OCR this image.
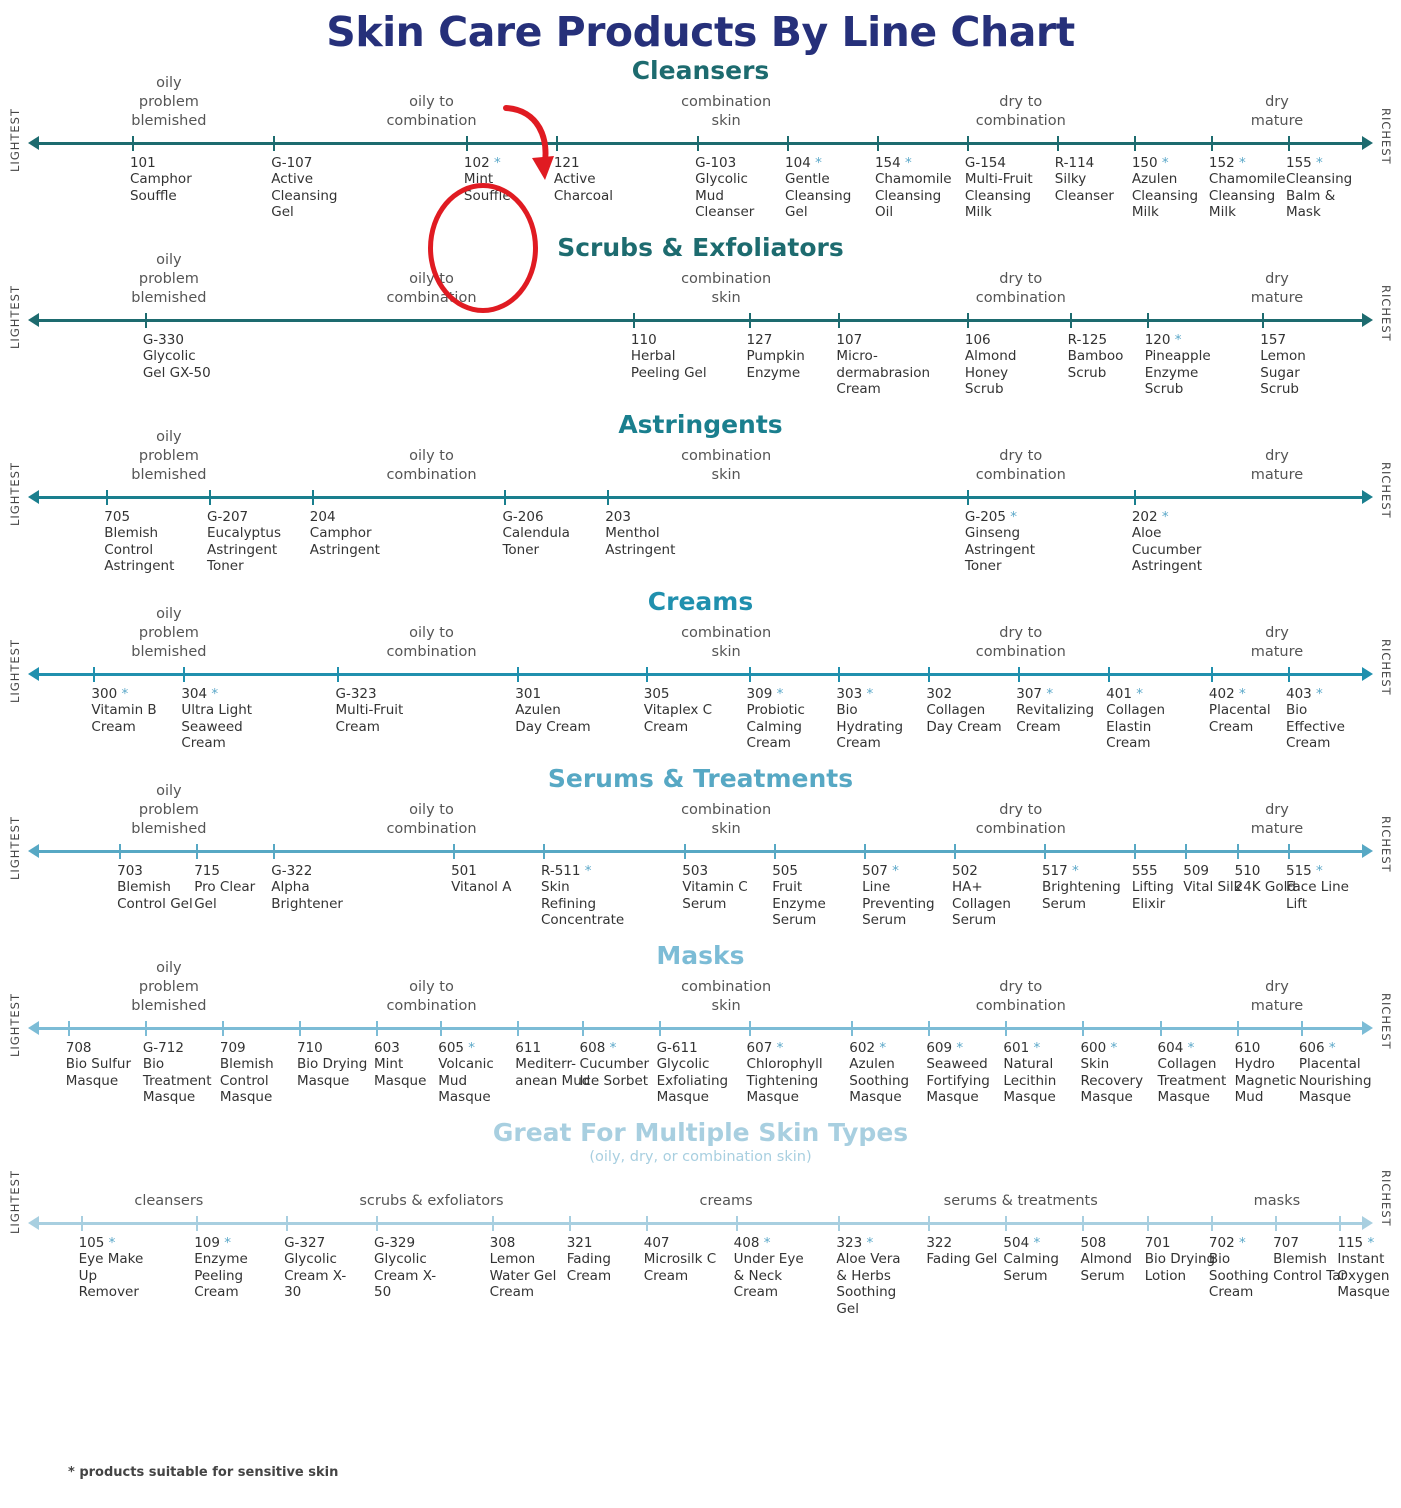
Skin Care Products By Line Chart
Cleansers
oily
problem
blemished
oily to
combination
combination
skin
dry to
combination
dry
mature
101
Camphor Souffle
G-107
Active Cleansing Gel
102 *
Mint Souffle
121
Active Charcoal
G-103
Glycolic Mud Cleanser
104 *
Gentle Cleansing Gel
154 *
Chamomile Cleansing Oil
G-154
Multi-Fruit Cleansing Milk
R-114
Silky Cleanser
150 *
Azulen Cleansing Milk
152 *
Chamomile Cleansing Milk
155 *
Cleansing Balm & Mask
LIGHTEST	RICHEST
Scrubs & Exfoliators
oily
problem
blemished
oily to
combination
combination
skin
dry to
combination
dry
mature
G-330
Glycolic Gel GX-50
110
Herbal Peeling Gel
127
Pumpkin Enzyme
107
Micro-dermabrasion Cream
106
Almond Honey Scrub
R-125
Bamboo Scrub
120 *
Pineapple Enzyme Scrub
157
Lemon Sugar Scrub
LIGHTEST	RICHEST
Astringents
oily
problem
blemished
oily to
combination
combination
skin
dry to
combination
dry
mature
705
Blemish Control Astringent
G-207
Eucalyptus Astringent Toner
204
Camphor Astringent
G-206
Calendula Toner
203
Menthol Astringent
G-205 *
Ginseng Astringent Toner
202 *
Aloe Cucumber Astringent
LIGHTEST	RICHEST
Creams
oily
problem
blemished
oily to
combination
combination
skin
dry to
combination
dry
mature
300 *
Vitamin B Cream
304 *
Ultra Light Seaweed Cream
G-323
Multi-Fruit Cream
301
Azulen Day Cream
305
Vitaplex C Cream
309 *
Probiotic Calming Cream
303 *
Bio Hydrating Cream
302
Collagen Day Cream
307 *
Revitalizing Cream
401 *
Collagen Elastin Cream
402 *
Placental Cream
403 *
Bio Effective Cream
LIGHTEST	RICHEST
Serums & Treatments
oily
problem
blemished
oily to
combination
combination
skin
dry to
combination
dry
mature
703
Blemish Control Gel
715
Pro Clear Gel
G-322
Alpha Brightener
501
Vitanol A
R-511 *
Skin Refining Concentrate
503
Vitamin C Serum
505
Fruit Enzyme Serum
507 *
Line Preventing Serum
502
HA+ Collagen Serum
517 *
Brightening Serum
555
Lifting Elixir
509
Vital Silk
510
24K Gold
515 *
Face Line Lift
LIGHTEST	RICHEST
Masks
oily
problem
blemished
oily to
combination
combination
skin
dry to
combination
dry
mature
708
Bio Sulfur Masque
G-712
Bio Treatment Masque
709
Blemish Control Masque
710
Bio Drying Masque
603
Mint Masque
605 *
Volcanic Mud Masque
611
Mediterr-anean Mud
608 *
Cucumber Ice Sorbet
G-611
Glycolic Exfoliating Masque
607 *
Chlorophyll Tightening Masque
602 *
Azulen Soothing Masque
609 *
Seaweed Fortifying Masque
601 *
Natural Lecithin Masque
600 *
Skin Recovery Masque
604 *
Collagen Treatment Masque
610
Hydro Magnetic Mud
606 *
Placental Nourishing Masque
LIGHTEST	RICHEST
Great For Multiple Skin Types
(oily, dry, or combination skin)
cleansers	scrubs & exfoliators	creams	serums & treatments	masks
105 *
Eye Make Up Remover
109 *
Enzyme Peeling Cream
G-327
Glycolic Cream X-30
G-329
Glycolic Cream X-50
308
Lemon Water Gel Cream
321
Fading Cream
407
Microsilk C Cream
408 *
Under Eye & Neck Cream
323 *
Aloe Vera & Herbs Soothing Gel
322
Fading Gel
504 *
Calming Serum
508
Almond Serum
701
Bio Drying Lotion
702 *
Bio Soothing Cream
707
Blemish Control Tar
115 *
Instant Oxygen Masque
LIGHTEST	RICHEST
* products suitable for sensitive skin
